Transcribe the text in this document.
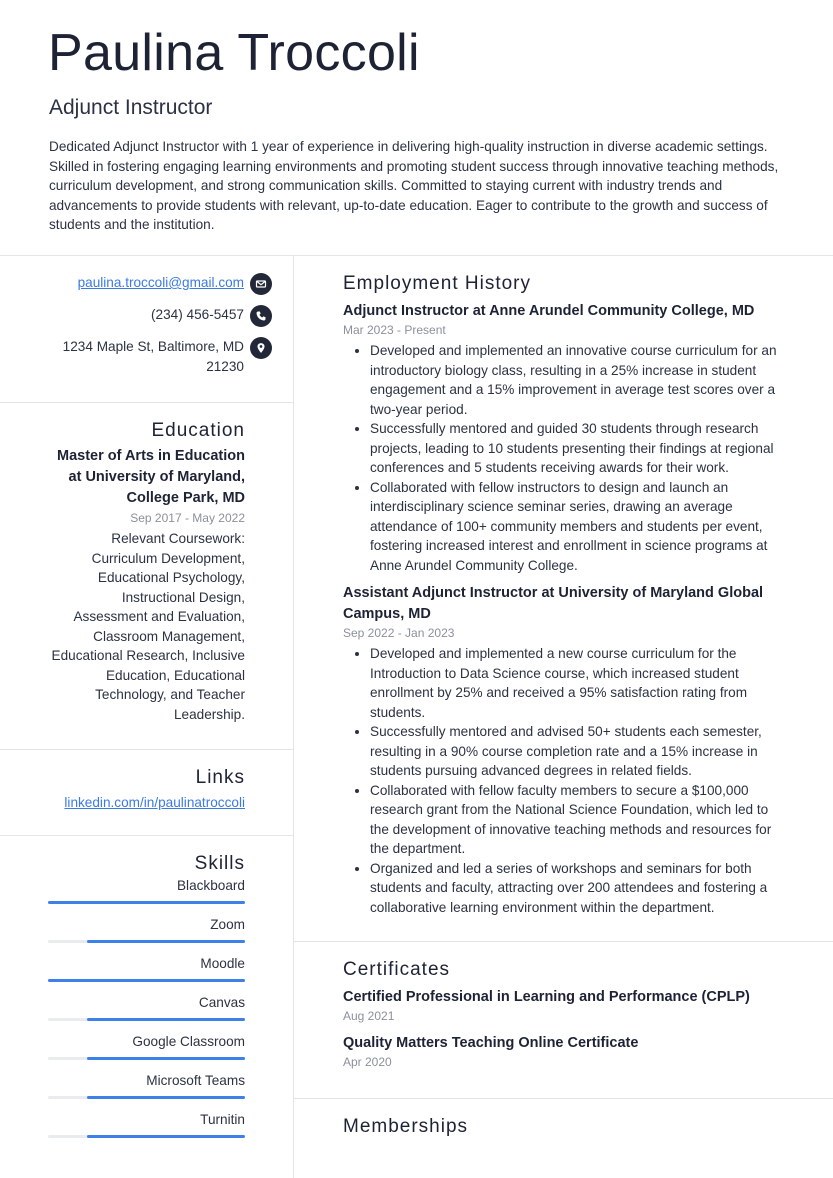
Paulina Troccoli
Adjunct Instructor

Dedicated Adjunct Instructor with 1 year of experience in delivering high-quality instruction in diverse academic settings. Skilled in fostering engaging learning environments and promoting student success through innovative teaching methods, curriculum development, and strong communication skills. Committed to staying current with industry trends and advancements to provide students with relevant, up-to-date education. Eager to contribute to the growth and success of students and the institution.

paulina.troccoli@gmail.com
(234) 456-5457
1234 Maple St, Baltimore, MD 21230
Education
Master of Arts in Education at University of Maryland, College Park, MD
Sep 2017 - May 2022
Relevant Coursework: Curriculum Development, Educational Psychology, Instructional Design, Assessment and Evaluation, Classroom Management, Educational Research, Inclusive Education, Educational Technology, and Teacher Leadership.
Links
linkedin.com/in/paulinatroccoli
Skills
Blackboard
Zoom
Moodle
Canvas
Google Classroom
Microsoft Teams
Turnitin
Employment History
Adjunct Instructor at Anne Arundel Community College, MD
Mar 2023 - Present
• Developed and implemented an innovative course curriculum for an introductory biology class, resulting in a 25% increase in student engagement and a 15% improvement in average test scores over a two-year period.
• Successfully mentored and guided 30 students through research projects, leading to 10 students presenting their findings at regional conferences and 5 students receiving awards for their work.
• Collaborated with fellow instructors to design and launch an interdisciplinary science seminar series, drawing an average attendance of 100+ community members and students per event, fostering increased interest and enrollment in science programs at Anne Arundel Community College.
Assistant Adjunct Instructor at University of Maryland Global Campus, MD
Sep 2022 - Jan 2023
• Developed and implemented a new course curriculum for the Introduction to Data Science course, which increased student enrollment by 25% and received a 95% satisfaction rating from students.
• Successfully mentored and advised 50+ students each semester, resulting in a 90% course completion rate and a 15% increase in students pursuing advanced degrees in related fields.
• Collaborated with fellow faculty members to secure a $100,000 research grant from the National Science Foundation, which led to the development of innovative teaching methods and resources for the department.
• Organized and led a series of workshops and seminars for both students and faculty, attracting over 200 attendees and fostering a collaborative learning environment within the department.
Certificates
Certified Professional in Learning and Performance (CPLP)
Aug 2021
Quality Matters Teaching Online Certificate
Apr 2020
Memberships
